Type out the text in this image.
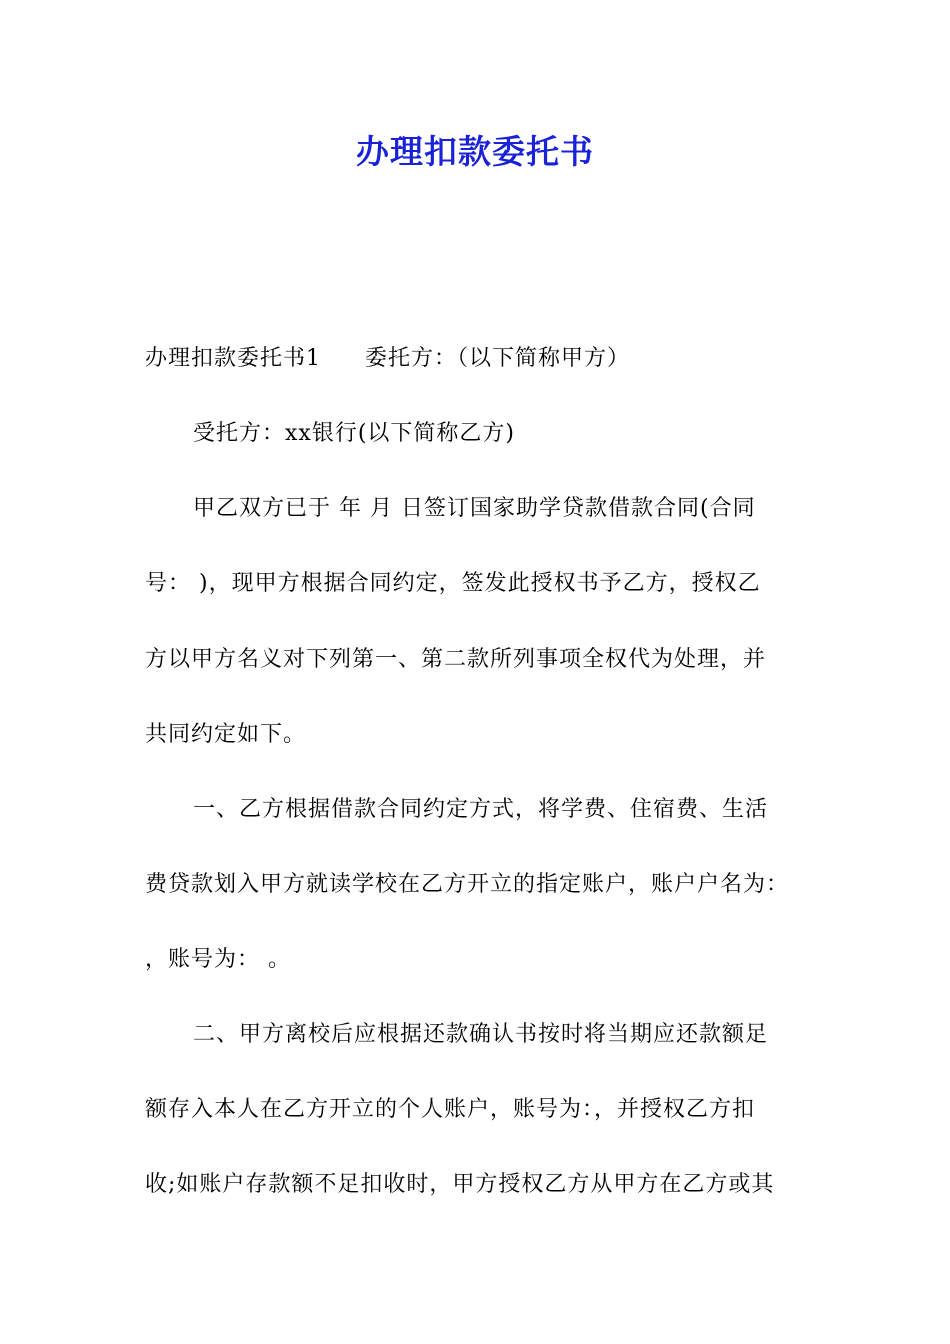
办理扣款委托书
办理扣款委托书1 委托方：（以下简称甲方）
受托方：xx银行(以下简称乙方)
甲乙双方已于 年 月 日签订国家助学贷款借款合同(合同
号： )，现甲方根据合同约定，签发此授权书予乙方，授权乙
方以甲方名义对下列第一、第二款所列事项全权代为处理，并
共同约定如下。
一、乙方根据借款合同约定方式，将学费、住宿费、生活
费贷款划入甲方就读学校在乙方开立的指定账户，账户户名为：
，账号为： 。
二、甲方离校后应根据还款确认书按时将当期应还款额足
额存入本人在乙方开立的个人账户，账号为：，并授权乙方扣
收;如账户存款额不足扣收时，甲方授权乙方从甲方在乙方或其
